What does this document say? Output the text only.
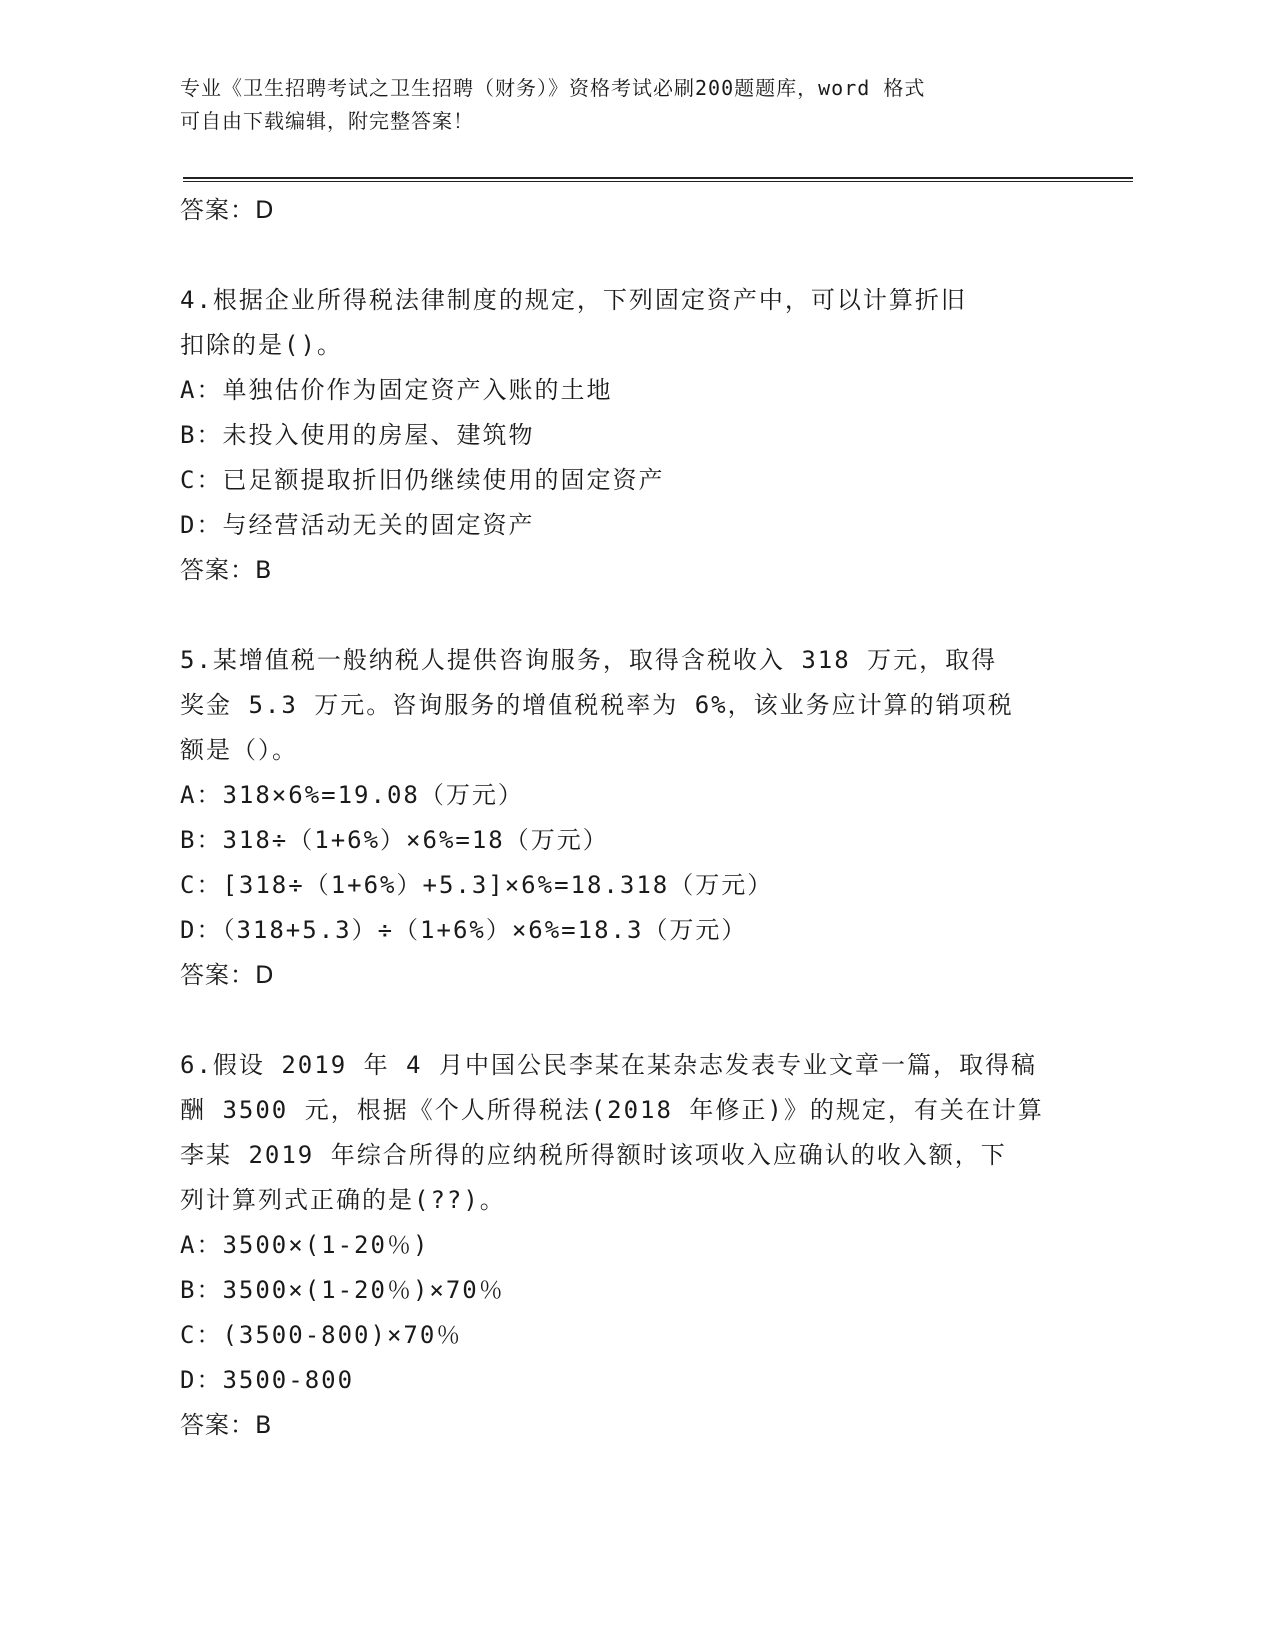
专业《卫生招聘考试之卫生招聘（财务）》资格考试必刷200题题库，word 格式
可自由下载编辑，附完整答案！
答案：D
4.根据企业所得税法律制度的规定，下列固定资产中，可以计算折旧
扣除的是()。
A：单独估价作为固定资产入账的土地
B：未投入使用的房屋、建筑物
C：已足额提取折旧仍继续使用的固定资产
D：与经营活动无关的固定资产
答案：B
5.某增值税一般纳税人提供咨询服务，取得含税收入 318 万元，取得
奖金 5.3 万元。咨询服务的增值税税率为 6%，该业务应计算的销项税
额是（）。
A：318×6%=19.08（万元）
B：318÷（1+6%）×6%=18（万元）
C：[318÷（1+6%）+5.3]×6%=18.318（万元）
D：（318+5.3）÷（1+6%）×6%=18.3（万元）
答案：D
6.假设 2019 年 4 月中国公民李某在某杂志发表专业文章一篇，取得稿
酬 3500 元，根据《个人所得税法(2018 年修正)》的规定，有关在计算
李某 2019 年综合所得的应纳税所得额时该项收入应确认的收入额，下
列计算列式正确的是(??)。
A：3500×(1-20％)
B：3500×(1-20％)×70％
C：(3500-800)×70％
D：3500-800
答案：B
